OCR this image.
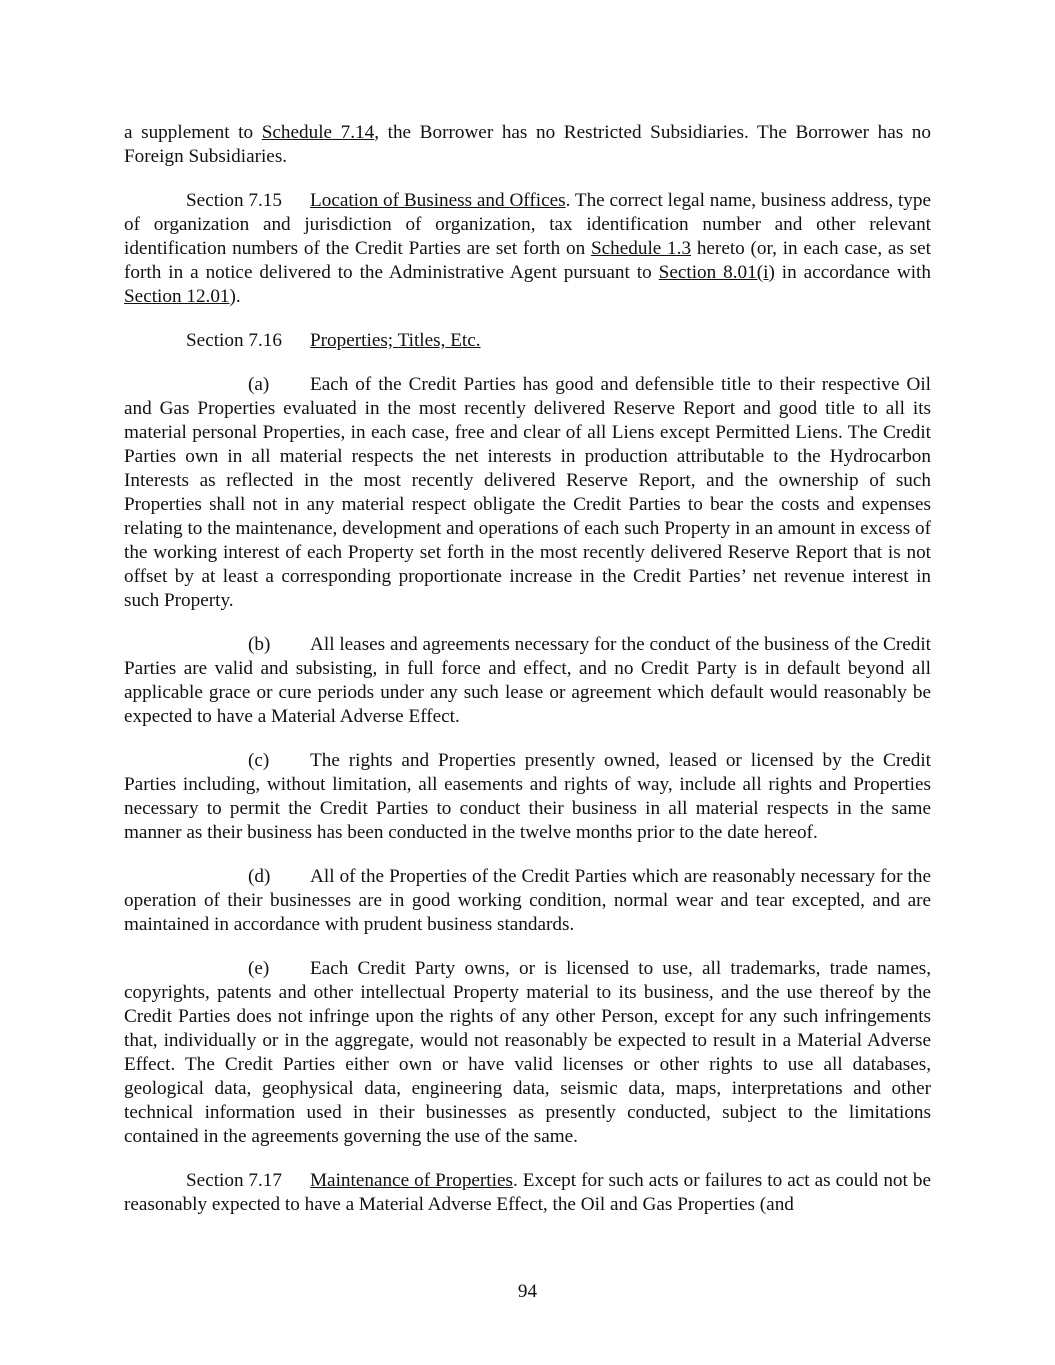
a supplement to Schedule 7.14, the Borrower has no Restricted Subsidiaries. The Borrower has no Foreign Subsidiaries.

Section 7.15 Location of Business and Offices. The correct legal name, business address, type of organization and jurisdiction of organization, tax identification number and other relevant identification numbers of the Credit Parties are set forth on Schedule 1.3 hereto (or, in each case, as set forth in a notice delivered to the Administrative Agent pursuant to Section 8.01(i) in accordance with Section 12.01).

Section 7.16 Properties; Titles, Etc.

(a) Each of the Credit Parties has good and defensible title to their respective Oil and Gas Properties evaluated in the most recently delivered Reserve Report and good title to all its material personal Properties, in each case, free and clear of all Liens except Permitted Liens. The Credit Parties own in all material respects the net interests in production attributable to the Hydrocarbon Interests as reflected in the most recently delivered Reserve Report, and the ownership of such Properties shall not in any material respect obligate the Credit Parties to bear the costs and expenses relating to the maintenance, development and operations of each such Property in an amount in excess of the working interest of each Property set forth in the most recently delivered Reserve Report that is not offset by at least a corresponding proportionate increase in the Credit Parties’ net revenue interest in such Property.

(b) All leases and agreements necessary for the conduct of the business of the Credit Parties are valid and subsisting, in full force and effect, and no Credit Party is in default beyond all applicable grace or cure periods under any such lease or agreement which default would reasonably be expected to have a Material Adverse Effect.

(c) The rights and Properties presently owned, leased or licensed by the Credit Parties including, without limitation, all easements and rights of way, include all rights and Properties necessary to permit the Credit Parties to conduct their business in all material respects in the same manner as their business has been conducted in the twelve months prior to the date hereof.

(d) All of the Properties of the Credit Parties which are reasonably necessary for the operation of their businesses are in good working condition, normal wear and tear excepted, and are maintained in accordance with prudent business standards.

(e) Each Credit Party owns, or is licensed to use, all trademarks, trade names, copyrights, patents and other intellectual Property material to its business, and the use thereof by the Credit Parties does not infringe upon the rights of any other Person, except for any such infringements that, individually or in the aggregate, would not reasonably be expected to result in a Material Adverse Effect. The Credit Parties either own or have valid licenses or other rights to use all databases, geological data, geophysical data, engineering data, seismic data, maps, interpretations and other technical information used in their businesses as presently conducted, subject to the limitations contained in the agreements governing the use of the same.

Section 7.17 Maintenance of Properties. Except for such acts or failures to act as could not be reasonably expected to have a Material Adverse Effect, the Oil and Gas Properties (and

94
